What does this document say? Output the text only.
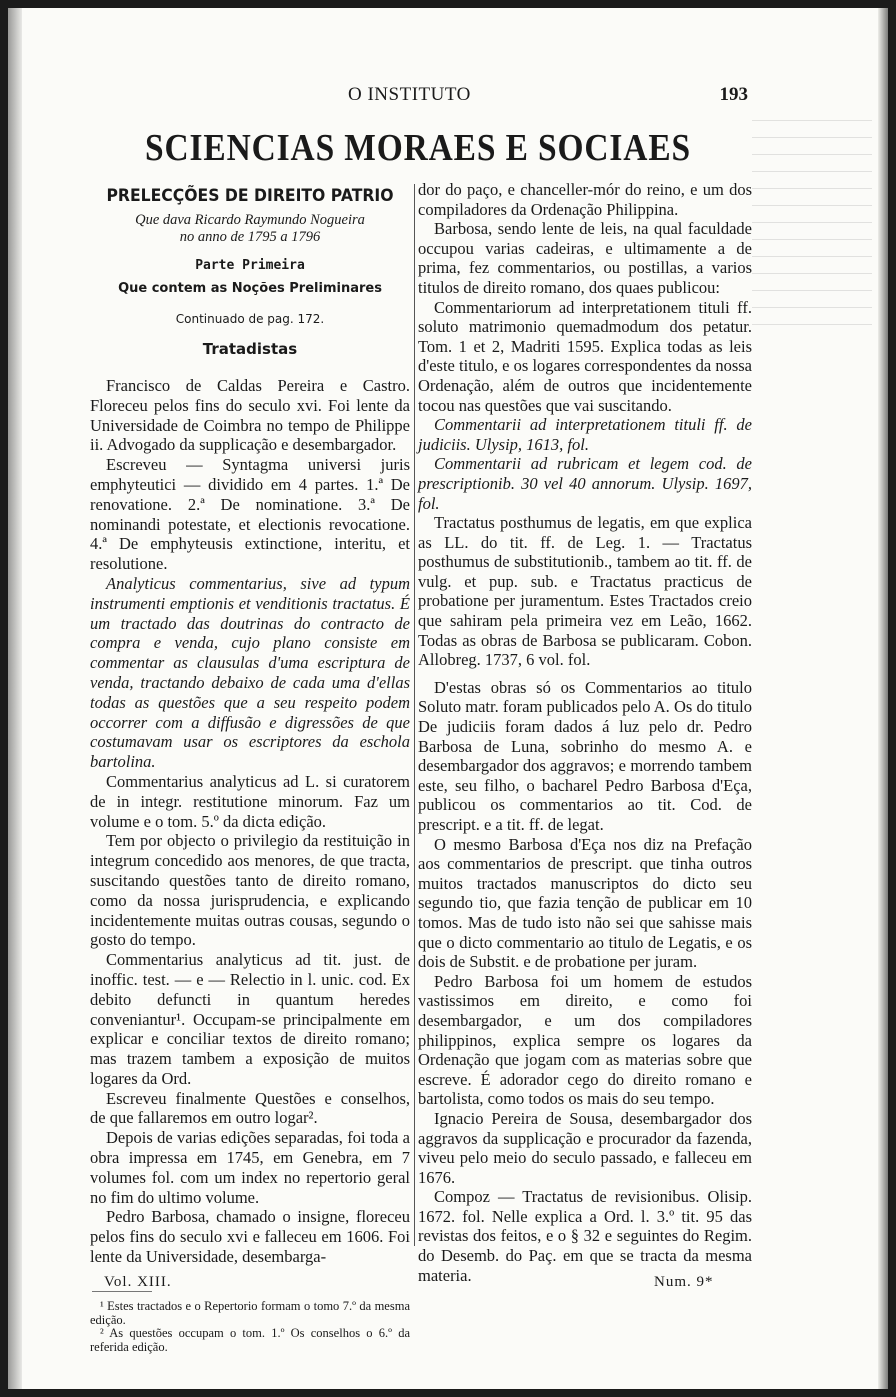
O INSTITUTO	193
SCIENCIAS MORAES E SOCIAES
PRELECÇÕES DE DIREITO PATRIO
Que dava Ricardo Raymundo Nogueira
no anno de 1795 a 1796
Parte Primeira
Que contem as Noções Preliminares
Continuado de pag. 172.
Tratadistas

Francisco de Caldas Pereira e Castro. Floreceu pelos fins do seculo xvi. Foi lente da Universidade de Coimbra no tempo de Philippe ii. Advogado da supplicação e desembargador.

Escreveu — Syntagma universi juris emphyteutici — dividido em 4 partes. 1.ª De renovatione. 2.ª De nominatione. 3.ª De nominandi potestate, et electionis revocatione. 4.ª De emphyteusis extinctione, interitu, et resolutione.

Analyticus commentarius, sive ad typum instrumenti emptionis et venditionis tractatus. É um tractado das doutrinas do contracto de compra e venda, cujo plano consiste em commentar as clausulas d'uma escriptura de venda, tractando debaixo de cada uma d'ellas todas as questões que a seu respeito podem occorrer com a diffusão e digressões de que costumavam usar os escriptores da eschola bartolina.

Commentarius analyticus ad L. si curatorem de in integr. restitutione minorum. Faz um volume e o tom. 5.º da dicta edição.

Tem por objecto o privilegio da restituição in integrum concedido aos menores, de que tracta, suscitando questões tanto de direito romano, como da nossa jurisprudencia, e explicando incidentemente muitas outras cousas, segundo o gosto do tempo.

Commentarius analyticus ad tit. just. de inoffic. test. — e — Relectio in l. unic. cod. Ex debito defuncti in quantum heredes conveniantur¹. Occupam-se principalmente em explicar e conciliar textos de direito romano; mas trazem tambem a exposição de muitos logares da Ord.

Escreveu finalmente Questões e conselhos, de que fallaremos em outro logar².

Depois de varias edições separadas, foi toda a obra impressa em 1745, em Genebra, em 7 volumes fol. com um index no repertorio geral no fim do ultimo volume.

Pedro Barbosa, chamado o insigne, floreceu pelos fins do seculo xvi e falleceu em 1606. Foi lente da Universidade, desembarga-

¹ Estes tractados e o Repertorio formam o tomo 7.º da mesma edição.

² As questões occupam o tom. 1.º Os conselhos o 6.º da referida edição.

dor do paço, e chanceller-mór do reino, e um dos compiladores da Ordenação Philippina.

Barbosa, sendo lente de leis, na qual faculdade occupou varias cadeiras, e ultimamente a de prima, fez commentarios, ou postillas, a varios titulos de direito romano, dos quaes publicou:

Commentariorum ad interpretationem tituli ff. soluto matrimonio quemadmodum dos petatur. Tom. 1 et 2, Madriti 1595. Explica todas as leis d'este titulo, e os logares correspondentes da nossa Ordenação, além de outros que incidentemente tocou nas questões que vai suscitando.

Commentarii ad interpretationem tituli ff. de judiciis. Ulysip, 1613, fol.

Commentarii ad rubricam et legem cod. de prescriptionib. 30 vel 40 annorum. Ulysip. 1697, fol.

Tractatus posthumus de legatis, em que explica as LL. do tit. ff. de Leg. 1. — Tractatus posthumus de substitutionib., tambem ao tit. ff. de vulg. et pup. sub. e Tractatus practicus de probatione per juramentum. Estes Tractados creio que sahiram pela primeira vez em Leão, 1662. Todas as obras de Barbosa se publicaram. Cobon. Allobreg. 1737, 6 vol. fol.

D'estas obras só os Commentarios ao titulo Soluto matr. foram publicados pelo A. Os do titulo De judiciis foram dados á luz pelo dr. Pedro Barbosa de Luna, sobrinho do mesmo A. e desembargador dos aggravos; e morrendo tambem este, seu filho, o bacharel Pedro Barbosa d'Eça, publicou os commentarios ao tit. Cod. de prescript. e a tit. ff. de legat.

O mesmo Barbosa d'Eça nos diz na Prefação aos commentarios de prescript. que tinha outros muitos tractados manuscriptos do dicto seu segundo tio, que fazia tenção de publicar em 10 tomos. Mas de tudo isto não sei que sahisse mais que o dicto commentario ao titulo de Legatis, e os dois de Substit. e de probatione per juram.

Pedro Barbosa foi um homem de estudos vastissimos em direito, e como foi desembargador, e um dos compiladores philippinos, explica sempre os logares da Ordenação que jogam com as materias sobre que escreve. É adorador cego do direito romano e bartolista, como todos os mais do seu tempo.

Ignacio Pereira de Sousa, desembargador dos aggravos da supplicação e procurador da fazenda, viveu pelo meio do seculo passado, e falleceu em 1676.

Compoz — Tractatus de revisionibus. Olisip. 1672. fol. Nelle explica a Ord. l. 3.º tit. 95 das revistas dos feitos, e o § 32 e seguintes do Regim. do Desemb. do Paç. em que se tracta da mesma materia.

Vol. XIII.	Num. 9*
